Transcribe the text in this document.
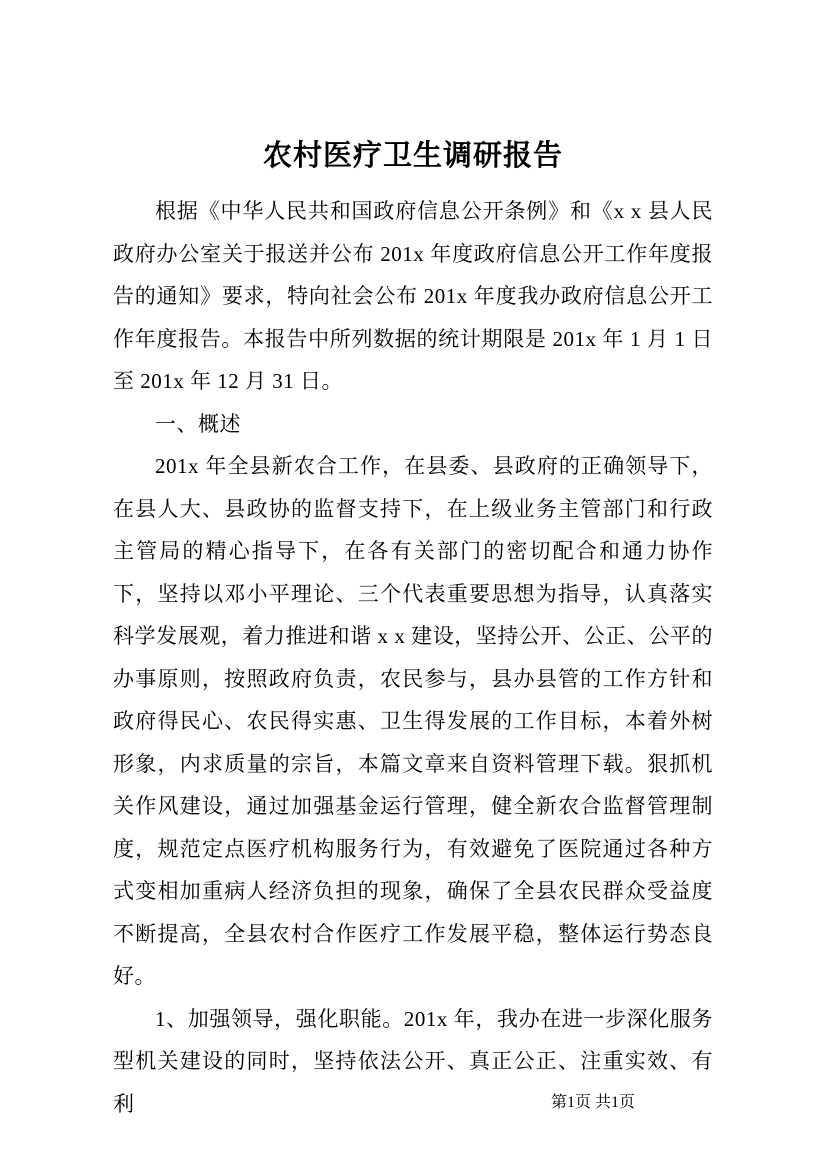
农村医疗卫生调研报告

根据《中华人民共和国政府信息公开条例》和《x x 县人民政府办公室关于报送并公布 201x 年度政府信息公开工作年度报告的通知》要求，特向社会公布 201x 年度我办政府信息公开工作年度报告。本报告中所列数据的统计期限是 201x 年 1 月 1 日至 201x 年 12 月 31 日。

一、概述

201x 年全县新农合工作，在县委、县政府的正确领导下，在县人大、县政协的监督支持下，在上级业务主管部门和行政主管局的精心指导下，在各有关部门的密切配合和通力协作下，坚持以邓小平理论、三个代表重要思想为指导，认真落实科学发展观，着力推进和谐 x x 建设，坚持公开、公正、公平的办事原则，按照政府负责，农民参与，县办县管的工作方针和政府得民心、农民得实惠、卫生得发展的工作目标，本着外树形象，内求质量的宗旨，本篇文章来自资料管理下载。狠抓机关作风建设，通过加强基金运行管理，健全新农合监督管理制度，规范定点医疗机构服务行为，有效避免了医院通过各种方式变相加重病人经济负担的现象，确保了全县农民群众受益度不断提高，全县农村合作医疗工作发展平稳，整体运行势态良好。

1、加强领导，强化职能。201x 年，我办在进一步深化服务型机关建设的同时，坚持依法公开、真正公正、注重实效、有利	第1页 共1页
